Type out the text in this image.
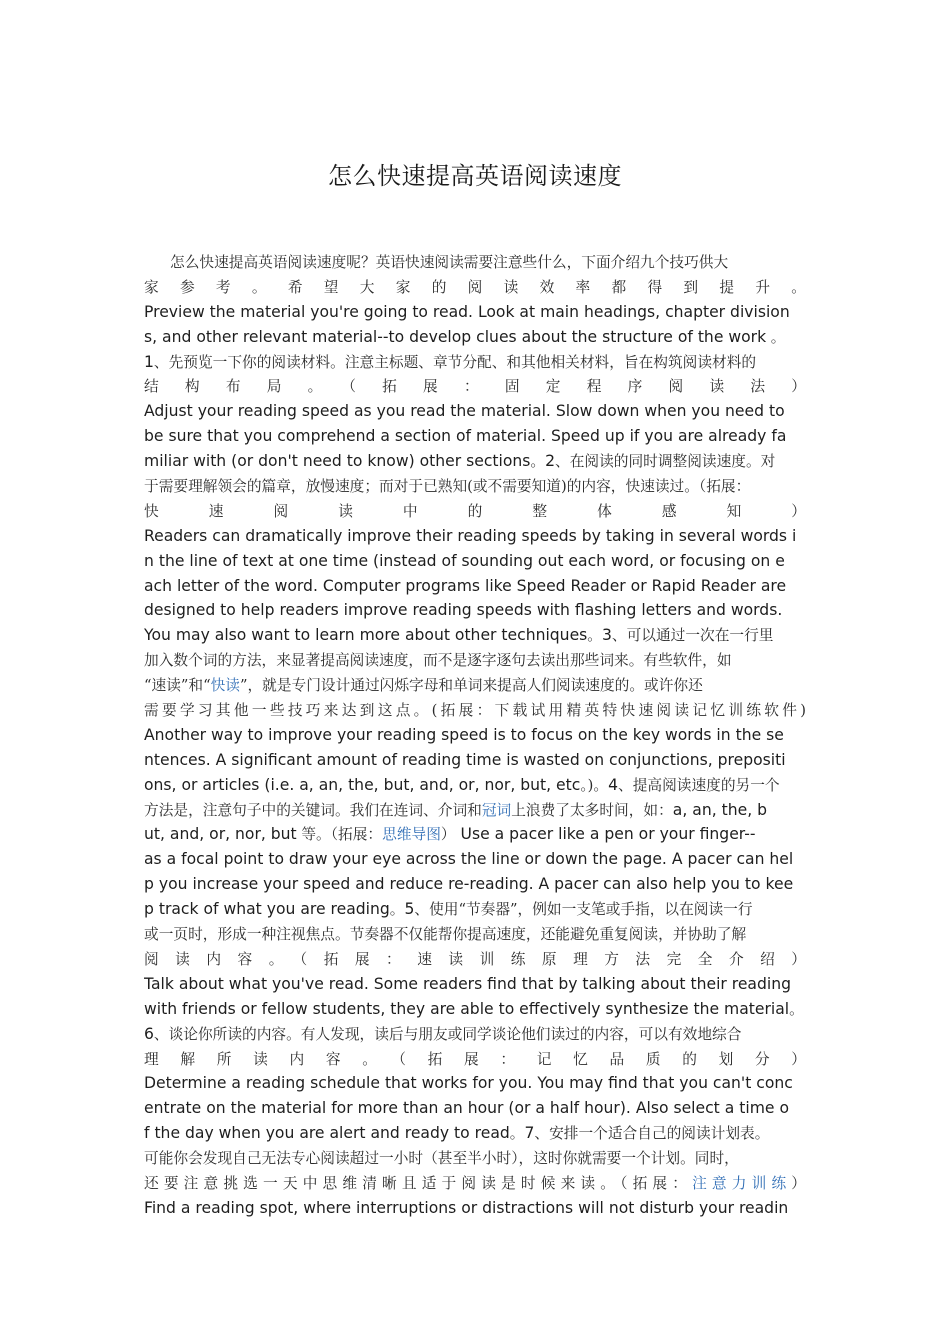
怎么快速提高英语阅读速度
怎么快速提高英语阅读速度呢？英语快速阅读需要注意些什么，下面介绍九个技巧供大
家参考。希望大家的阅读效率都得到提升。
Preview the material you're going to read. Look at main headings, chapter division
s, and other relevant material--to develop clues about the structure of the work 。
1、先预览一下你的阅读材料。注意主标题、章节分配、和其他相关材料，旨在构筑阅读材料的
结构布局。（拓展：固定程序阅读法）
Adjust your reading speed as you read the material. Slow down when you need to
be sure that you comprehend a section of material. Speed up if you are already fa
miliar with (or don't need to know) other sections。2、在阅读的同时调整阅读速度。对
于需要理解领会的篇章，放慢速度；而对于已熟知(或不需要知道)的内容，快速读过。（拓展：
快速阅读中的整体感知）
Readers can dramatically improve their reading speeds by taking in several words i
n the line of text at one time (instead of sounding out each word, or focusing on e
ach letter of the word. Computer programs like Speed Reader or Rapid Reader are
designed to help readers improve reading speeds with flashing letters and words.
You may also want to learn more about other techniques。3、可以通过一次在一行里
加入数个词的方法，来显著提高阅读速度，而不是逐字逐句去读出那些词来。有些软件，如
“速读”和“快读”，就是专门设计通过闪烁字母和单词来提高人们阅读速度的。或许你还
需要学习其他一些技巧来达到这点。(拓展：下载试用精英特快速阅读记忆训练软件)
Another way to improve your reading speed is to focus on the key words in the se
ntences. A significant amount of reading time is wasted on conjunctions, prepositi
ons, or articles (i.e. a, an, the, but, and, or, nor, but, etc。)。4、提高阅读速度的另一个
方法是，注意句子中的关键词。我们在连词、介词和冠词上浪费了太多时间，如：a, an, the, b
ut, and, or, nor, but 等。（拓展：思维导图） Use a pacer like a pen or your finger--
as a focal point to draw your eye across the line or down the page. A pacer can hel
p you increase your speed and reduce re-reading. A pacer can also help you to kee
p track of what you are reading。5、使用“节奏器”，例如一支笔或手指，以在阅读一行
或一页时，形成一种注视焦点。节奏器不仅能帮你提高速度，还能避免重复阅读，并协助了解
阅读内容。（拓展：速读训练原理方法完全介绍）
Talk about what you've read. Some readers find that by talking about their reading
with friends or fellow students, they are able to effectively synthesize the material。
6、谈论你所读的内容。有人发现，读后与朋友或同学谈论他们读过的内容，可以有效地综合
理解所读内容。（拓展：记忆品质的划分）
Determine a reading schedule that works for you. You may find that you can't conc
entrate on the material for more than an hour (or a half hour). Also select a time o
f the day when you are alert and ready to read。7、安排一个适合自己的阅读计划表。
可能你会发现自己无法专心阅读超过一小时（甚至半小时），这时你就需要一个计划。同时，
还要注意挑选一天中思维清晰且适于阅读是时候来读。（拓展：注意力训练）
Find a reading spot, where interruptions or distractions will not disturb your readin
